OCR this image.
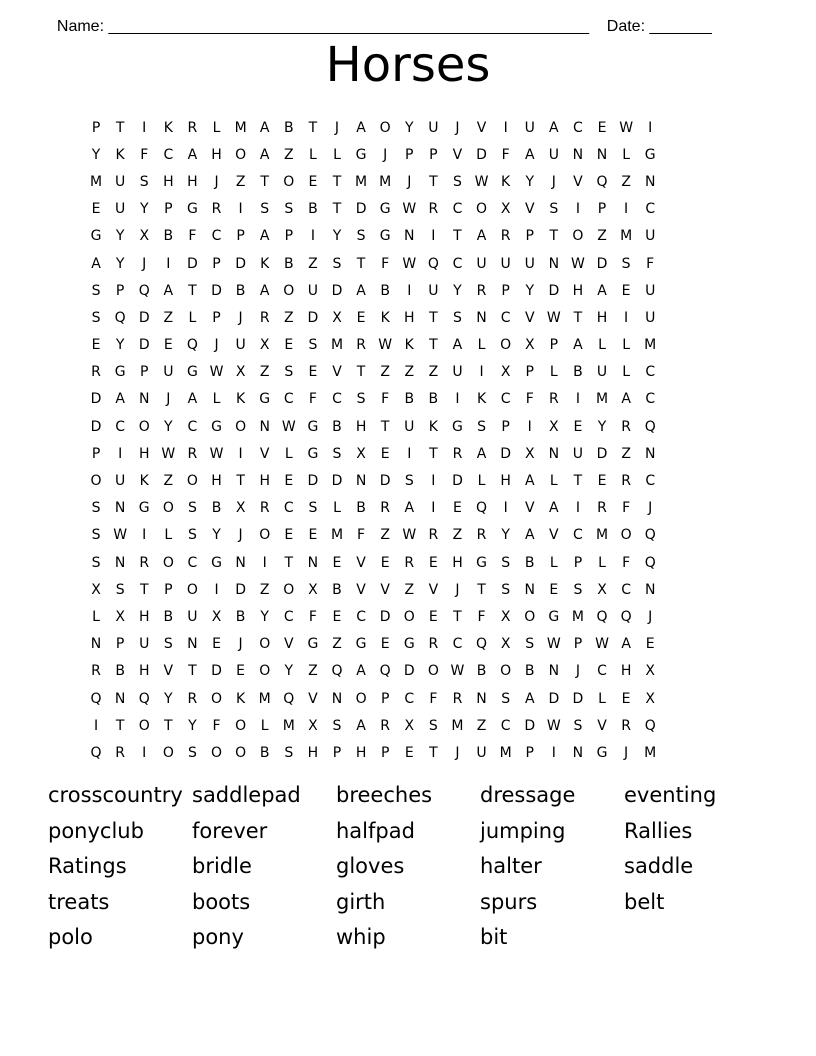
Name: ______________________________________________________ Date: _______

Horses
P	T	I	K	R	L	M A	B	T	J	A O	Y	U	J	V	I	U	A	C	E W	I
Y	K	F	C	A	H O A	Z	L	L	G	J	P	P	V D	F	A	U N N	L	G
M U	S	H H	J	Z	T	O	E	T M M	J	T	S W K	Y	J	V Q Z	N
E	U	Y	P	G R	I	S	S	B	T	D G W R	C O X	V	S	I	P	I	C
G	Y	X	B	F	C	P	A	P	I	Y	S	G N	I	T	A	R	P	T	O Z M U
A	Y	J	I	D	P	D	K	B	Z	S	T	F W Q C	U U U N W D	S	F
S	P	Q A	T	D B	A O U D A	B	I	U	Y	R	P	Y	D H	A	E	U
S	Q D Z	L	P	J	R	Z D X	E	K	H	T	S	N C	V W T	H	I	U
E	Y	D	E	Q	J	U	X	E	S M R W K	T	A	L	O X	P	A	L	L	M
R G	P	U G W X	Z	S	E	V	T	Z	Z	Z	U	I	X	P	L	B	U	L	C
D A	N	J	A	L	K	G C	F	C	S	F	B	B	I	K	C	F	R	I	M A	C
D C O	Y	C G O N W G B	H	T	U	K	G	S	P	I	X	E	Y	R Q
P	I	H W R W	I	V	L	G	S	X	E	I	T	R	A D X	N U D Z	N
O U	K	Z O H	T	H	E	D D N D	S	I	D	L	H	A	L	T	E	R	C
S	N G O	S	B	X	R	C	S	L	B	R	A	I	E	Q	I	V	A	I	R	F	J
S W	I	L	S	Y	J	O	E	E M	F	Z W R	Z	R	Y	A	V	C M O Q
S	N R O C G N	I	T	N	E	V	E	R	E	H G	S	B	L	P	L	F	Q
X	S	T	P	O	I	D Z O X	B	V	V	Z	V	J	T	S	N	E	S	X	C N
L	X	H	B	U	X	B	Y	C	F	E	C D O	E	T	F	X O G M Q Q	J
N	P	U	S	N	E	J	O V G Z G	E	G R	C Q X	S W P W A	E
R	B	H	V	T	D	E	O	Y	Z Q A Q D O W B O B	N	J	C H	X
Q N Q	Y	R O K M Q V	N O	P	C	F	R N	S	A D D	L	E	X
I	T	O	T	Y	F	O	L	M X	S	A	R	X	S M Z	C D W S	V	R Q
Q R	I	O	S	O O B	S	H	P	H	P	E	T	J	U M P	I	N G	J	M
crosscountry saddlepad	breeches	dressage	eventing
ponyclub	forever	halfpad	jumping	Rallies
Ratings	bridle	gloves	halter	saddle
treats	boots	girth	spurs	belt
polo	pony	whip	bit
